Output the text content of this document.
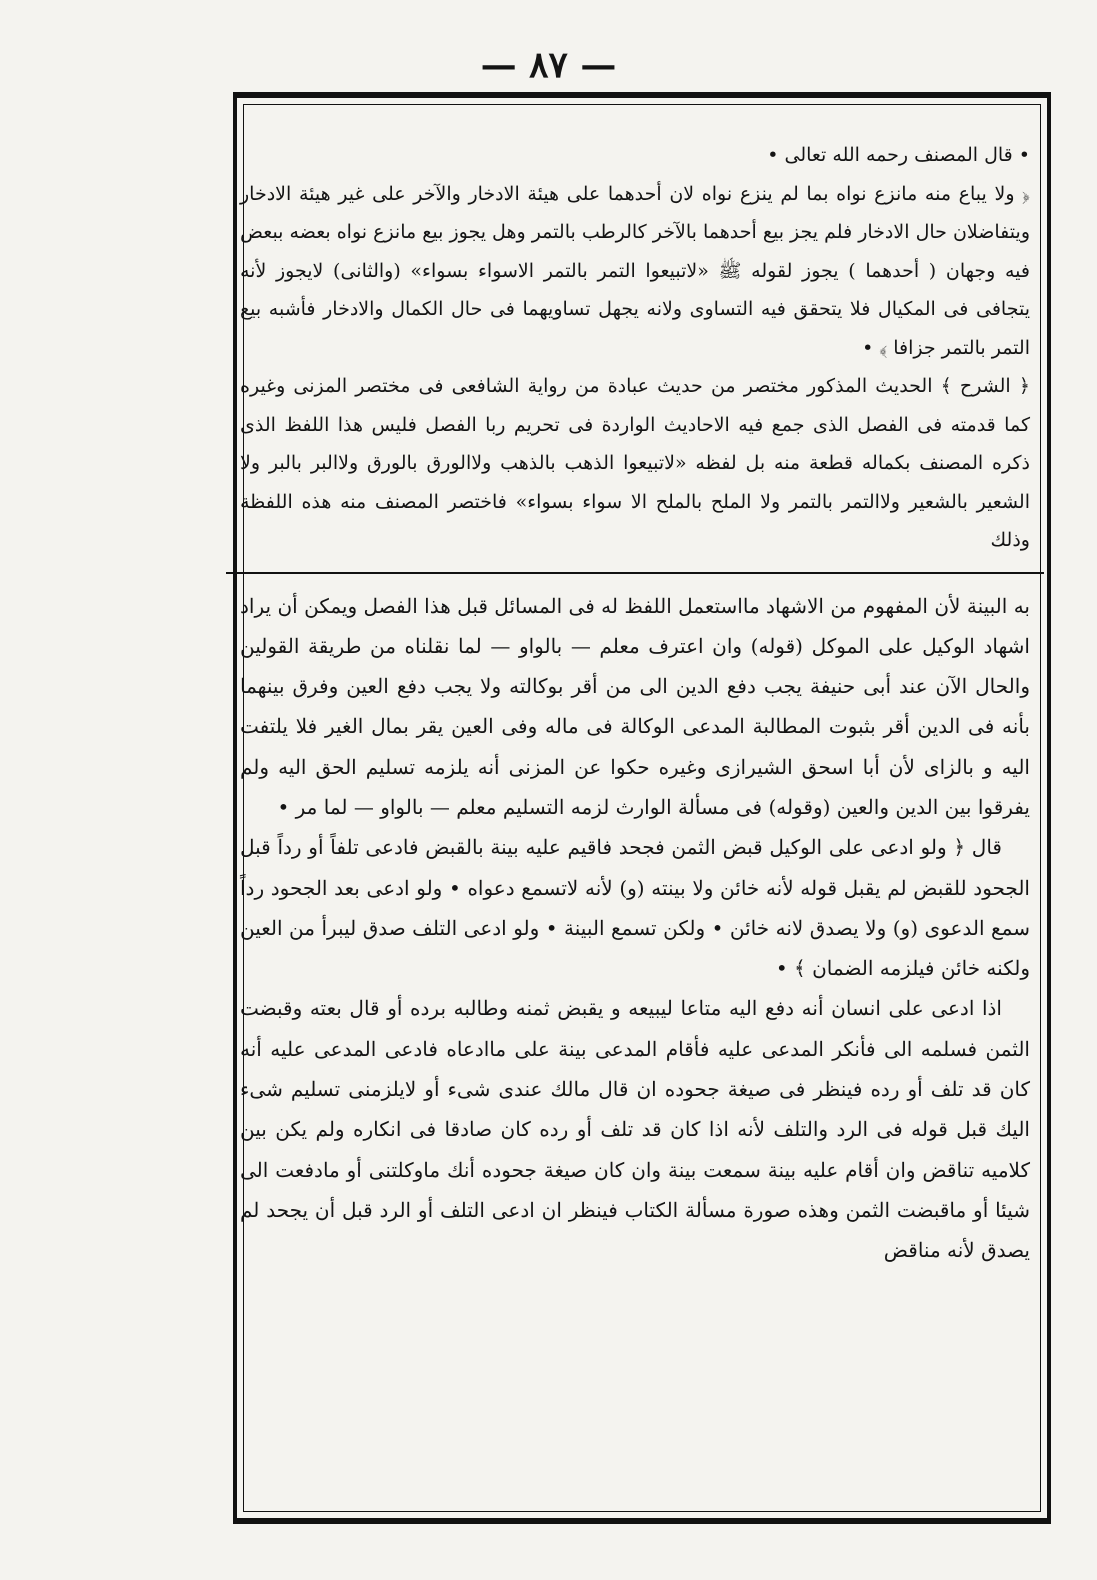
— ٨٧ —

• قال المصنف رحمه الله تعالى •

﴿ ولا يباع منه مانزع نواه بما لم ينزع نواه لان أحدهما على هيئة الادخار والآخر على غير هيئة الادخار ويتفاضلان حال الادخار فلم يجز بيع أحدهما بالآخر كالرطب بالتمر وهل يجوز بيع مانزع نواه بعضه ببعض فيه وجهان ( أحدهما ) يجوز لقوله ﷺ «لاتبيعوا التمر بالتمر الاسواء بسواء» (والثانى) لايجوز لأنه يتجافى فى المكيال فلا يتحقق فيه التساوى ولانه يجهل تساويهما فى حال الكمال والادخار فأشبه بيع التمر بالتمر جزافا ﴾ •

﴿ الشرح ﴾ الحديث المذكور مختصر من حديث عبادة من رواية الشافعى فى مختصر المزنى وغيره كما قدمته فى الفصل الذى جمع فيه الاحاديث الواردة فى تحريم ربا الفصل فليس هذا اللفظ الذى ذكره المصنف بكماله قطعة منه بل لفظه «لاتبيعوا الذهب بالذهب ولاالورق بالورق ولاالبر بالبر ولا الشعير بالشعير ولاالتمر بالتمر ولا الملح بالملح الا سواء بسواء» فاختصر المصنف منه هذه اللفظة وذلك

به البينة لأن المفهوم من الاشهاد مااستعمل اللفظ له فى المسائل قبل هذا الفصل ويمكن أن يراد اشهاد الوكيل على الموكل (قوله) وان اعترف معلم — بالواو — لما نقلناه من طريقة القولين والحال الآن عند أبى حنيفة يجب دفع الدين الى من أقر بوكالته ولا يجب دفع العين وفرق بينهما بأنه فى الدين أقر بثبوت المطالبة المدعى الوكالة فى ماله وفى العين يقر بمال الغير فلا يلتفت اليه و بالزاى لأن أبا اسحق الشيرازى وغيره حكوا عن المزنى أنه يلزمه تسليم الحق اليه ولم يفرقوا بين الدين والعين (وقوله) فى مسألة الوارث لزمه التسليم معلم — بالواو — لما مر •

قال ﴿ ولو ادعى على الوكيل قبض الثمن فجحد فاقيم عليه بينة بالقبض فادعى تلفاً أو رداً قبل الجحود للقبض لم يقبل قوله لأنه خائن ولا بينته (و) لأنه لاتسمع دعواه • ولو ادعى بعد الجحود رداً سمع الدعوى (و) ولا يصدق لانه خائن • ولكن تسمع البينة • ولو ادعى التلف صدق ليبرأ من العين ولكنه خائن فيلزمه الضمان ﴾ •

اذا ادعى على انسان أنه دفع اليه متاعا ليبيعه و يقبض ثمنه وطالبه برده أو قال بعته وقبضت الثمن فسلمه الى فأنكر المدعى عليه فأقام المدعى بينة على ماادعاه فادعى المدعى عليه أنه كان قد تلف أو رده فينظر فى صيغة جحوده ان قال مالك عندى شىء أو لايلزمنى تسليم شىء اليك قبل قوله فى الرد والتلف لأنه اذا كان قد تلف أو رده كان صادقا فى انكاره ولم يكن بين كلاميه تناقض وان أقام عليه بينة سمعت بينة وان كان صيغة جحوده أنك ماوكلتنى أو مادفعت الى شيئا أو ماقبضت الثمن وهذه صورة مسألة الكتاب فينظر ان ادعى التلف أو الرد قبل أن يجحد لم يصدق لأنه مناقض
